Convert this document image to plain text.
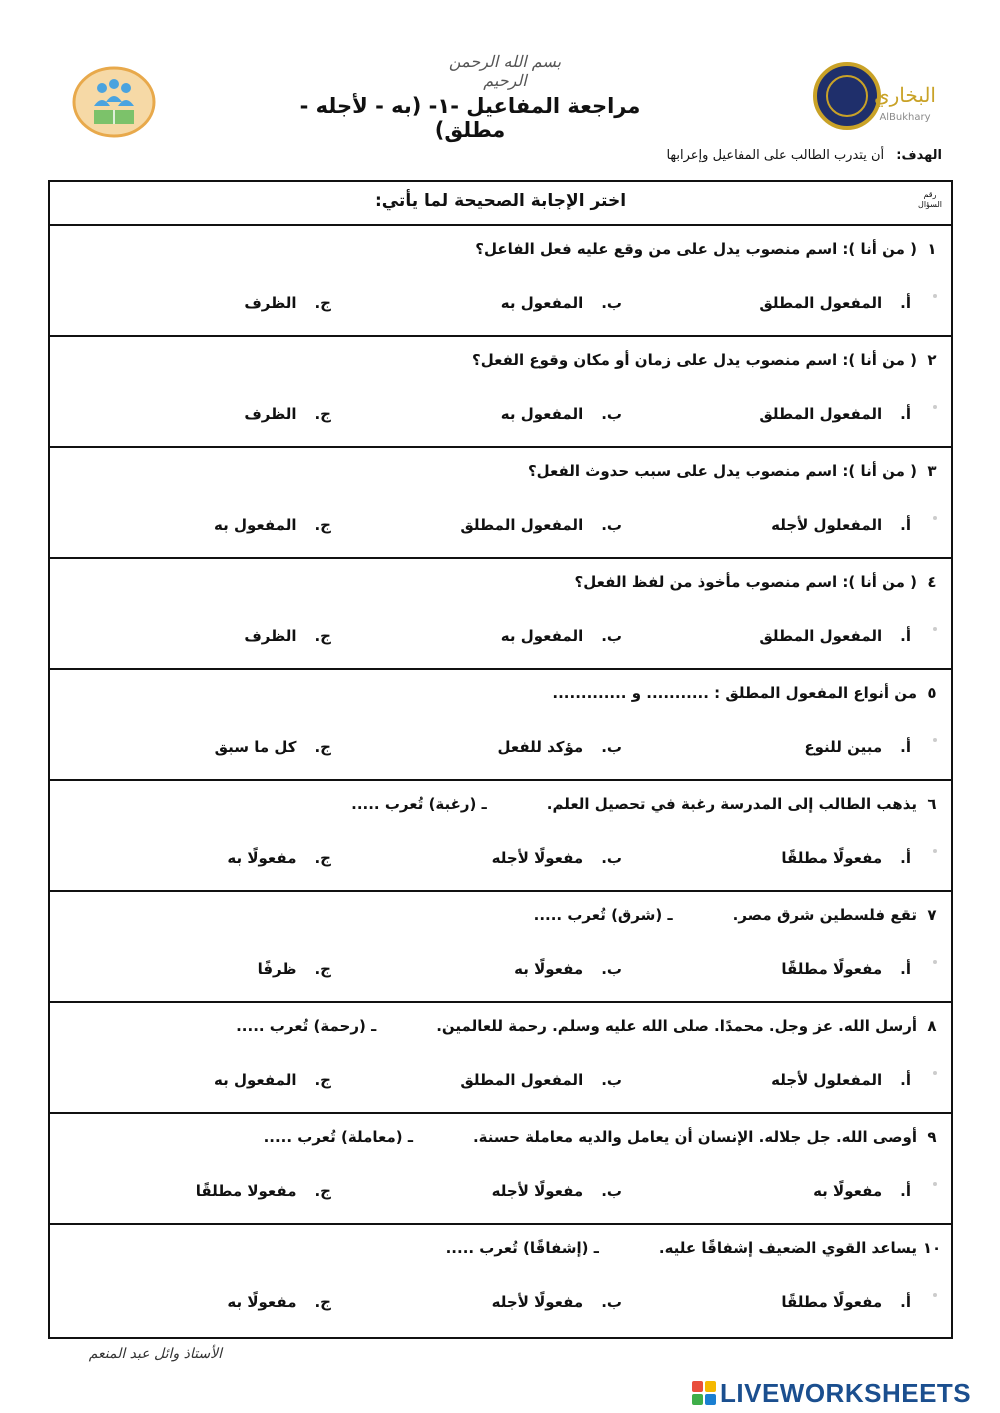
بسم الله الرحمن الرحيم
البخاري
AlBukhary
مراجعة المفاعيل -١- (به - لأجله - مطلق)
الهدف: أن يتدرب الطالب على المفاعيل وإعرابها
رقم السؤال
اختر الإجابة الصحيحة لما يأتي:
١
( من أنا ): اسم منصوب يدل على من وقع عليه فعل الفاعل؟
أ.المفعول المطلق
ب.المفعول به
ج.الظرف
٢
( من أنا ): اسم منصوب يدل على زمان أو مكان وقوع الفعل؟
أ.المفعول المطلق
ب.المفعول به
ج.الظرف
٣
( من أنا ): اسم منصوب يدل على سبب حدوث الفعل؟
أ.المفعلول لأجله
ب.المفعول المطلق
ج.المفعول به
٤
( من أنا ): اسم منصوب مأخوذ من لفظ الفعل؟
أ.المفعول المطلق
ب.المفعول به
ج.الظرف
٥
من أنواع المفعول المطلق : ........... و .............
أ.مبين للنوع
ب.مؤكد للفعل
ج.كل ما سبق
٦
يذهب الطالب إلى المدرسة رغبة في تحصيل العلم.ـ (رغبة) تُعرب .....
أ.مفعولًا مطلقًا
ب.مفعولًا لأجله
ج.مفعولًا به
٧
تقع فلسطين شرق مصر.ـ (شرق) تُعرب .....
أ.مفعولًا مطلقًا
ب.مفعولًا به
ج.ظرفًا
٨
أرسل الله. عز وجل. محمدًا. صلى الله عليه وسلم. رحمة للعالمين.ـ (رحمة) تُعرب .....
أ.المفعلول لأجله
ب.المفعول المطلق
ج.المفعول به
٩
أوصى الله. جل جلاله. الإنسان أن يعامل والديه معاملة حسنة.ـ (معاملة) تُعرب .....
أ.مفعولًا به
ب.مفعولًا لأجله
ج.مفعولا مطلقًا
١٠
يساعد القوي الضعيف إشفاقًا عليه.ـ (إشفاقًا) تُعرب .....
أ.مفعولًا مطلقًا
ب.مفعولًا لأجله
ج.مفعولًا به
الأستاذ وائل عبد المنعم
LIVEWORKSHEETS
